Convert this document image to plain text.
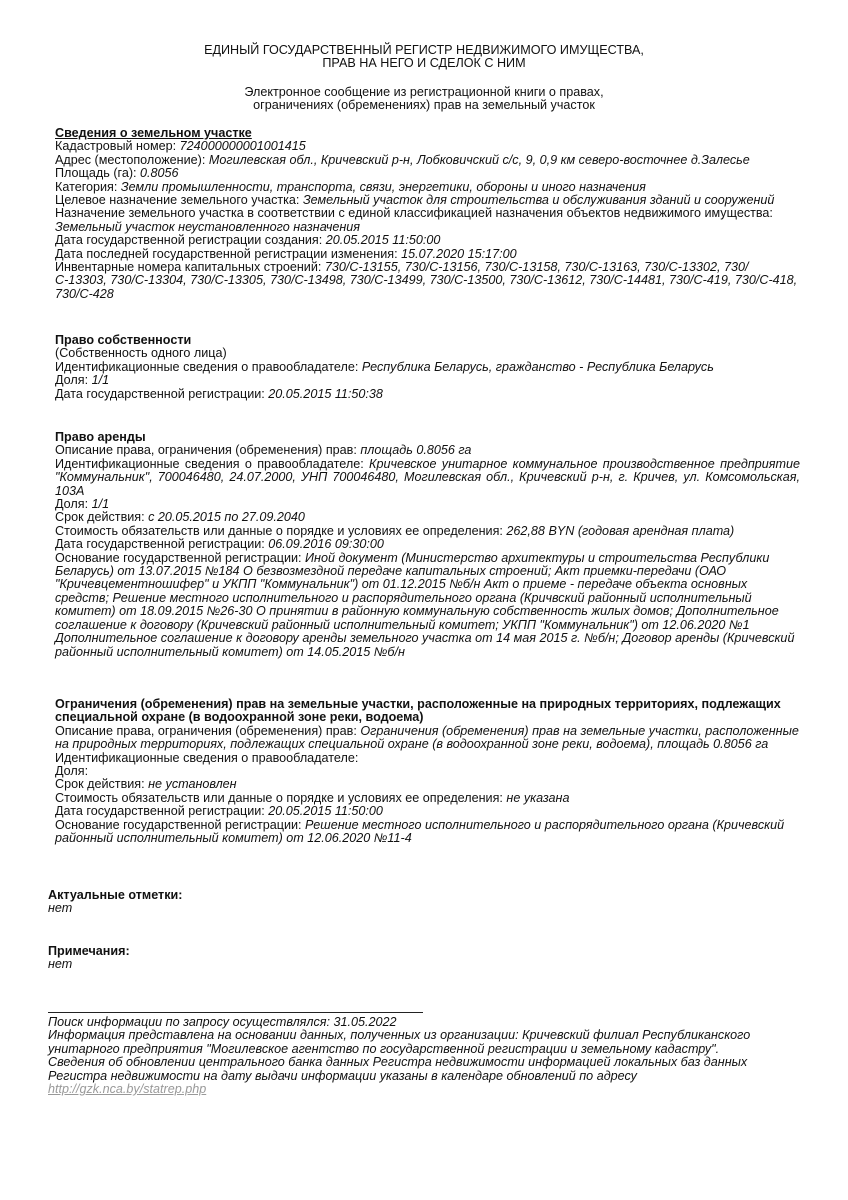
ЕДИНЫЙ ГОСУДАРСТВЕННЫЙ РЕГИСТР НЕДВИЖИМОГО ИМУЩЕСТВА,
ПРАВ НА НЕГО И СДЕЛОК С НИМ
Электронное сообщение из регистрационной книги о правах,
ограничениях (обременениях) прав на земельный участок
Сведения о земельном участке
Кадастровый номер: 724000000001001415
Адрес (местоположение): Могилевская обл., Кричевский р-н, Лобковичский с/с, 9, 0,9 км северо-восточнее д.Залесье
Площадь (га): 0.8056
Категория: Земли промышленности, транспорта, связи, энергетики, обороны и иного назначения
Целевое назначение земельного участка: Земельный участок для строительства и обслуживания зданий и сооружений
Назначение земельного участка в соответствии с единой классификацией назначения объектов недвижимого имущества: Земельный участок неустановленного назначения
Дата государственной регистрации создания: 20.05.2015 11:50:00
Дата последней государственной регистрации изменения: 15.07.2020 15:17:00
Инвентарные номера капитальных строений: 730/С-13155, 730/С-13156, 730/С-13158, 730/С-13163, 730/С-13302, 730/С-13303, 730/С-13304, 730/С-13305, 730/С-13498, 730/С-13499, 730/С-13500, 730/С-13612, 730/С-14481, 730/С-419, 730/С-418, 730/С-428
Право собственности
(Собственность одного лица)
Идентификационные сведения о правообладателе: Республика Беларусь, гражданство - Республика Беларусь
Доля: 1/1
Дата государственной регистрации: 20.05.2015 11:50:38
Право аренды
Описание права, ограничения (обременения) прав: площадь 0.8056 га
Идентификационные сведения о правообладателе: Кричевское унитарное коммунальное производственное предприятие "Коммунальник", 700046480, 24.07.2000, УНП 700046480, Могилевская обл., Кричевский р-н, г. Кричев, ул. Комсомольская, 103А
Доля: 1/1
Срок действия: с 20.05.2015 по 27.09.2040
Стоимость обязательств или данные о порядке и условиях ее определения: 262,88 BYN (годовая арендная плата)
Дата государственной регистрации: 06.09.2016 09:30:00
Основание государственной регистрации: Иной документ (Министерство архитектуры и строительства Республики Беларусь) от 13.07.2015 №184 О безвозмездной передаче капитальных строений; Акт приемки-передачи (ОАО "Кричевцементношифер" и УКПП "Коммунальник") от 01.12.2015 №б/н Акт о приеме - передаче объекта основных средств; Решение местного исполнительного и распорядительного органа (Кричвский районный исполнительный комитет) от 18.09.2015 №26-30 О принятии в районную коммунальную собственность жилых домов; Дополнительное соглашение к договору (Кричевский районный исполнительный комитет; УКПП "Коммунальник") от 12.06.2020 №1 Дополнительное соглашение к договору аренды земельного участка от 14 мая 2015 г. №б/н; Договор аренды (Кричевский районный исполнительный комитет) от 14.05.2015 №б/н
Ограничения (обременения) прав на земельные участки, расположенные на природных территориях, подлежащих специальной охране (в водоохранной зоне реки, водоема)
Описание права, ограничения (обременения) прав: Ограничения (обременения) прав на земельные участки, расположенные на природных территориях, подлежащих специальной охране (в водоохранной зоне реки, водоема), площадь 0.8056 га
Идентификационные сведения о правообладателе:
Доля:
Срок действия: не установлен
Стоимость обязательств или данные о порядке и условиях ее определения: не указана
Дата государственной регистрации: 20.05.2015 11:50:00
Основание государственной регистрации: Решение местного исполнительного и распорядительного органа (Кричевский районный исполнительный комитет) от 12.06.2020 №11-4
Актуальные отметки:
нет
Примечания:
нет
Поиск информации по запросу осуществлялся: 31.05.2022
Информация представлена на основании данных, полученных из организации: Кричевский филиал Республиканского унитарного предприятия "Могилевское агентство по государственной регистрации и земельному кадастру".
Сведения об обновлении центрального банка данных Регистра недвижимости информацией локальных баз данных Регистра недвижимости на дату выдачи информации указаны в календаре обновлений по адресу
http://gzk.nca.by/statrep.php
